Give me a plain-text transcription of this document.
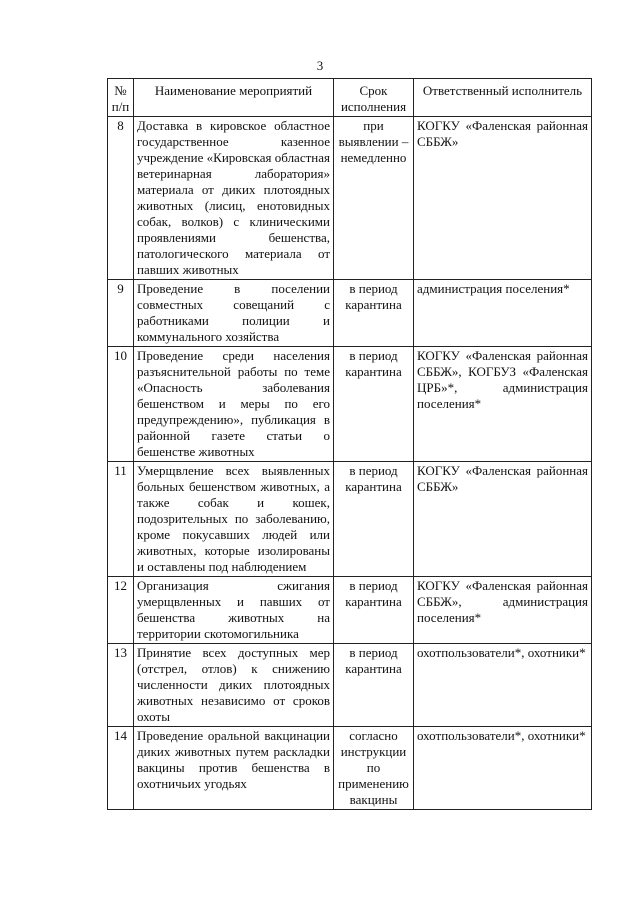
3
№ п/п	Наименование мероприятий	Срок исполнения	Ответственный исполнитель
8	Доставка в кировское областное государственное казенное учреждение «Кировская областная ветеринарная лаборатория» материала от диких плотоядных животных (лисиц, енотовидных собак, волков) с клиническими проявлениями бешенства, патологического материала от павших животных	при выявлении – немедленно	КОГКУ «Фаленская районная СББЖ»
9	Проведение в поселении совместных совещаний с работниками полиции и коммунального хозяйства	в период карантина	администрация поселения*
10	Проведение среди населения разъяснительной работы по теме «Опасность заболевания бешенством и меры по его предупреждению», публикация в районной газете статьи о бешенстве животных	в период карантина	КОГКУ «Фаленская районная СББЖ», КОГБУЗ «Фаленская ЦРБ»*, администрация поселения*
11	Умерщвление всех выявленных больных бешенством животных, а также собак и кошек, подозрительных по заболеванию, кроме покусавших людей или животных, которые изолированы и оставлены под наблюдением	в период карантина	КОГКУ «Фаленская районная СББЖ»
12	Организация сжигания умерщвленных и павших от бешенства животных на территории скотомогильника	в период карантина	КОГКУ «Фаленская районная СББЖ», администрация поселения*
13	Принятие всех доступных мер (отстрел, отлов) к снижению численности диких плотоядных животных независимо от сроков охоты	в период карантина	охотпользователи*, охотники*
14	Проведение оральной вакцинации диких животных путем раскладки вакцины против бешенства в охотничьих угодьях	согласно инструкции по применению вакцины	охотпользователи*, охотники*
